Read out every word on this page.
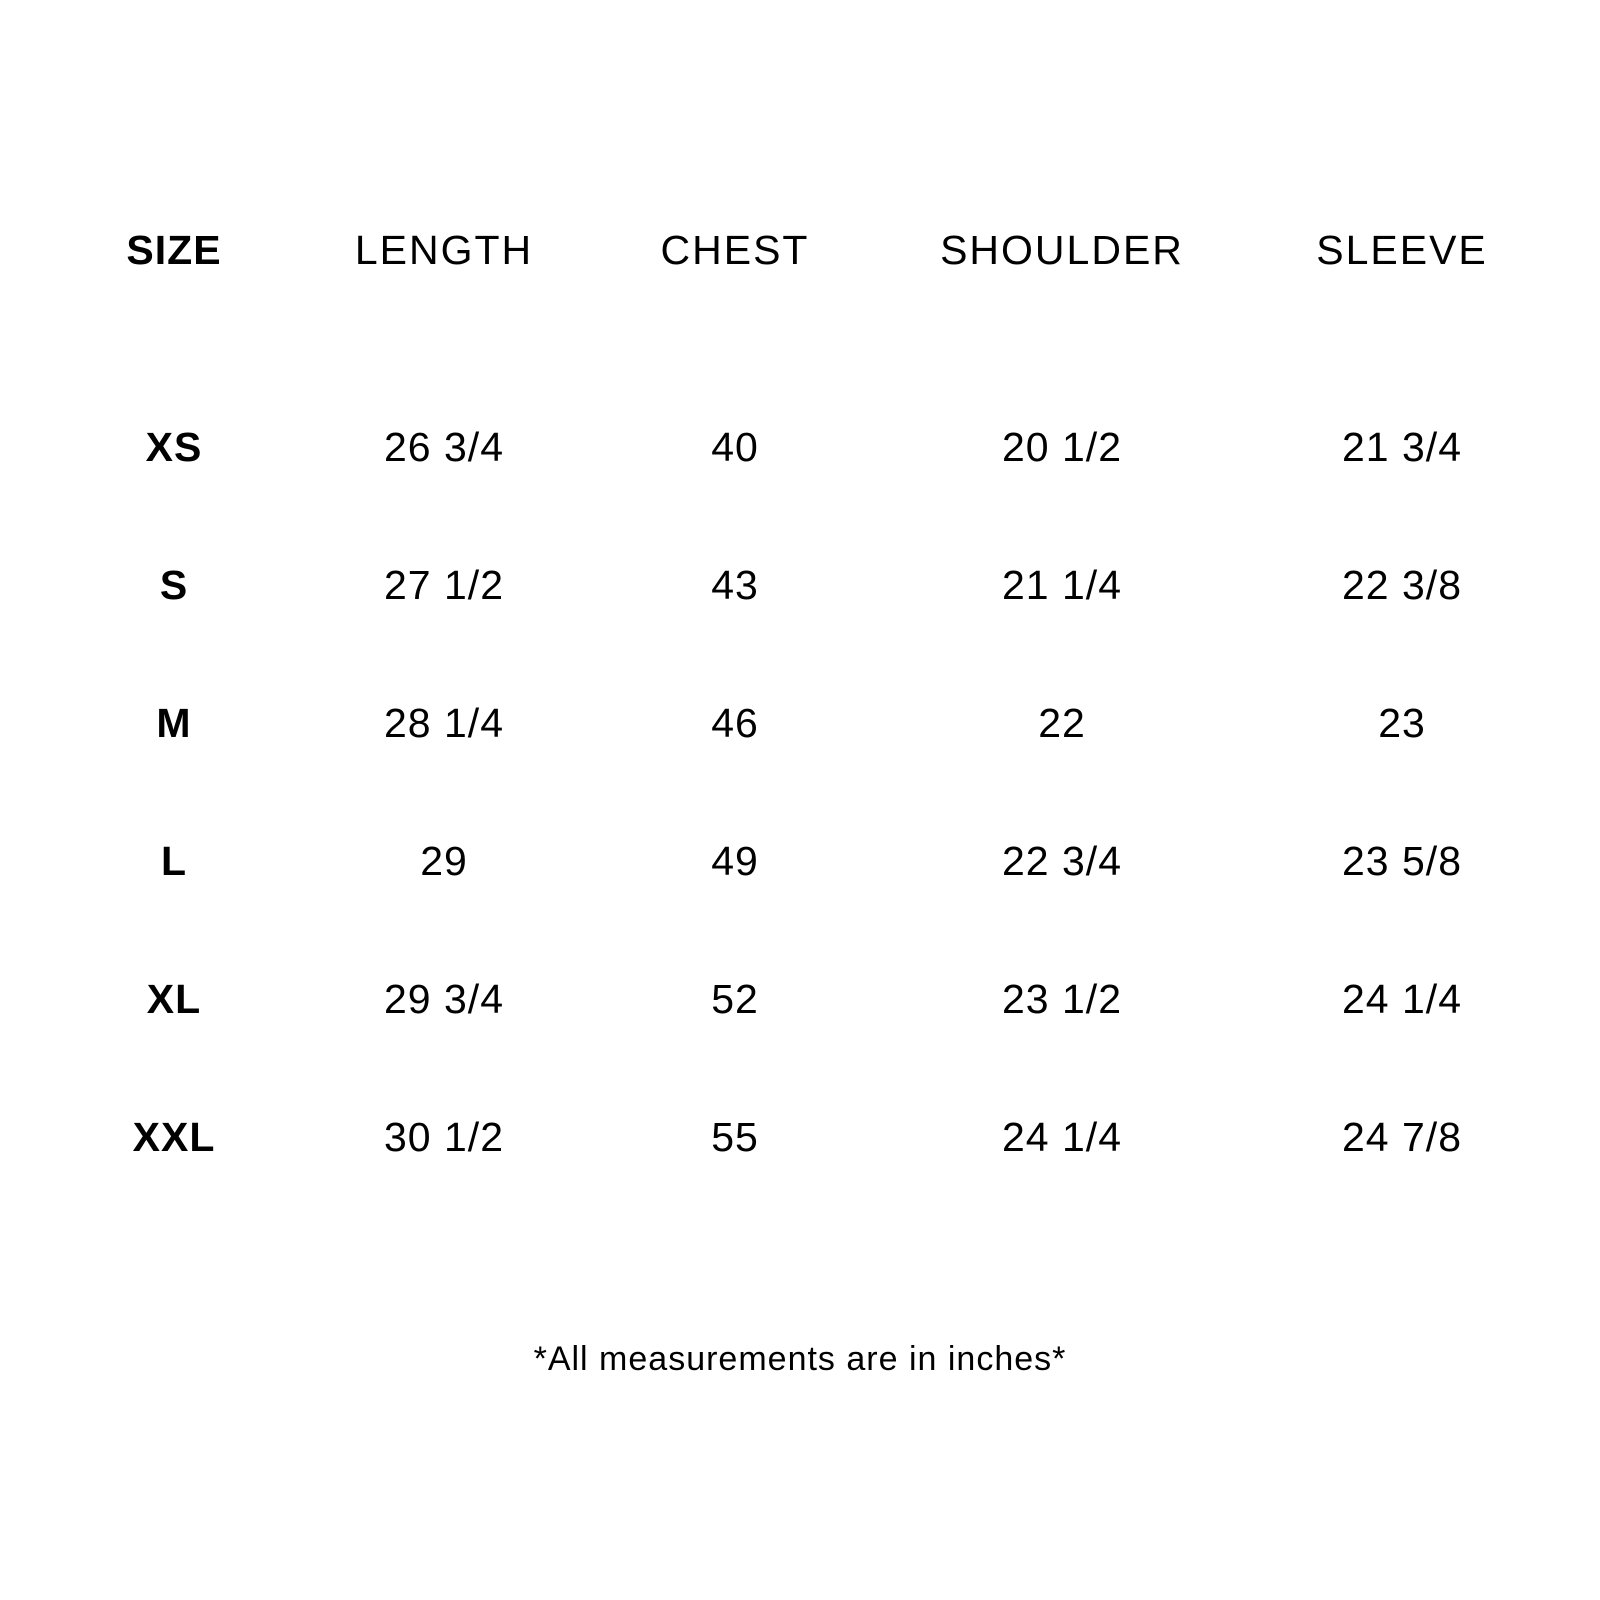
SIZE	LENGTH	CHEST	SHOULDER	SLEEVE
XS	26 3/4	40	20 1/2	21 3/4
S	27 1/2	43	21 1/4	22 3/8
M	28 1/4	46	22	23
L	29	49	22 3/4	23 5/8
XL	29 3/4	52	23 1/2	24 1/4
XXL	30 1/2	55	24 1/4	24 7/8
*All measurements are in inches*
